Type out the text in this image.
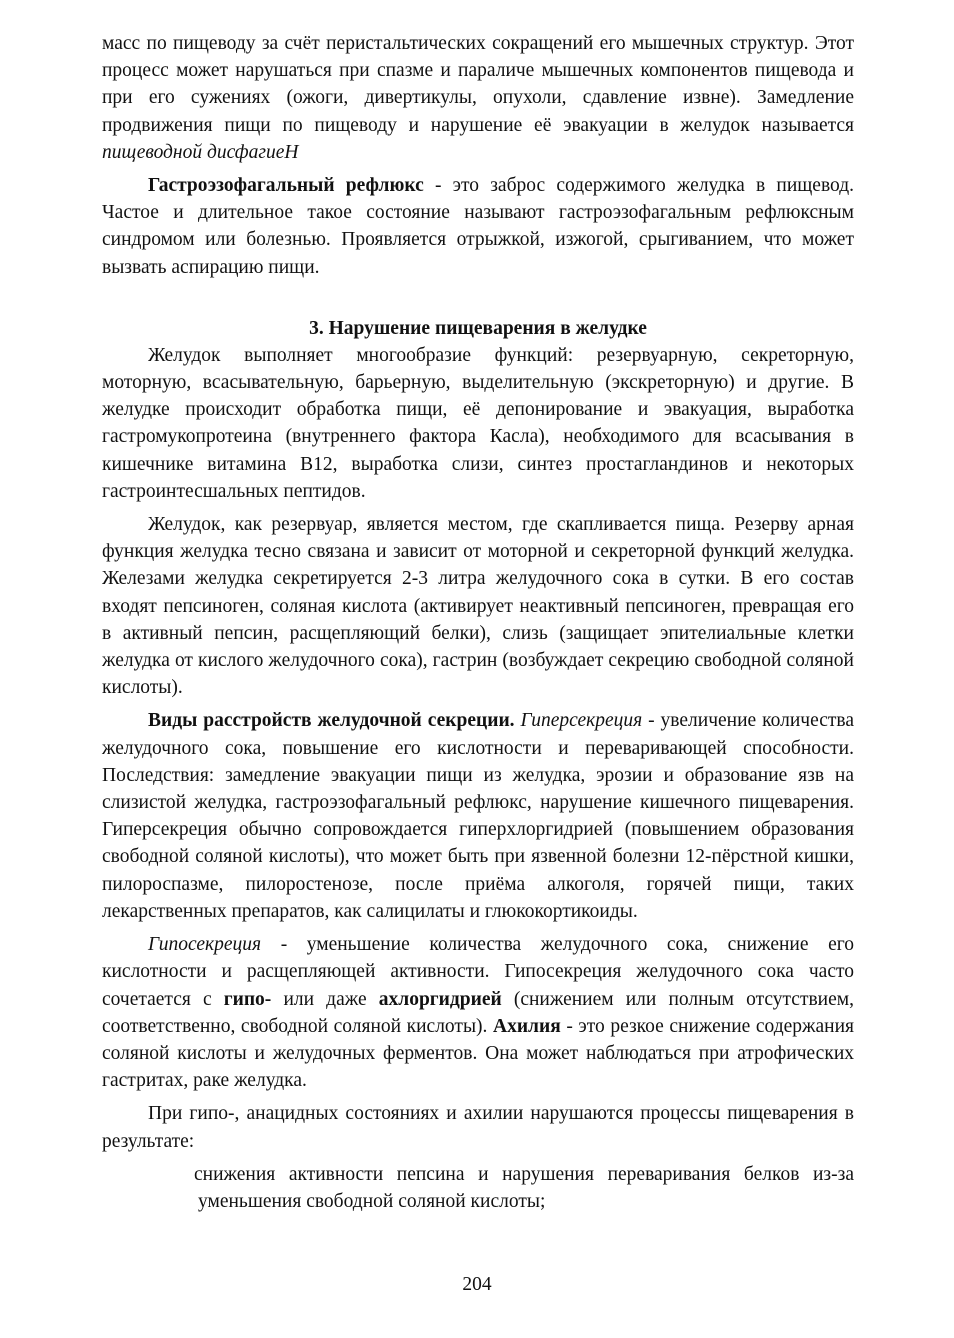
масс по пищеводу за счёт перистальтических сокращений его мышечных структур. Этот процесс может нарушаться при спазме и параличе мышечных компонентов пищевода и при его сужениях (ожоги, дивертикулы, опухоли, сдавление извне). Замедление продвижения пищи по пищеводу и нарушение её эвакуации в желудок называется пищеводной дисфагиеН

Гастроэзофагальный рефлюкс - это заброс содержимого желудка в пищевод. Частое и длительное такое состояние называют гастроэзофагальным рефлюксным синдромом или болезнью. Проявляется отрыжкой, изжогой, срыгиванием, что может вызвать аспирацию пищи.

3. Нарушение пищеварения в желудке

Желудок выполняет многообразие функций: резервуарную, секреторную, моторную, всасывательную, барьерную, выделительную (экскреторную) и другие. В желудке происходит обработка пищи, её депонирование и эвакуация, выработка гастромукопротеина (внутреннего фактора Касла), необходимого для всасывания в кишечнике витамина В12, выработка слизи, синтез простагландинов и некоторых гастроинтесшальных пептидов.

Желудок, как резервуар, является местом, где скапливается пища. Резерву арная функция желудка тесно связана и зависит от моторной и секреторной функций желудка. Железами желудка секретируется 2-3 литра желудочного сока в сутки. В его состав входят пепсиноген, соляная кислота (активирует неактивный пепсиноген, превращая его в активный пепсин, расщепляющий белки), слизь (защищает эпителиальные клетки желудка от кислого желудочного сока), гастрин (возбуждает секрецию свободной соляной кислоты).

Виды расстройств желудочной секреции. Гиперсекреция - увеличение количества желудочного сока, повышение его кислотности и переваривающей способности. Последствия: замедление эвакуации пищи из желудка, эрозии и образование язв на слизистой желудка, гастроэзофагальный рефлюкс, нарушение кишечного пищеварения. Гиперсекреция обычно сопровождается гиперхлоргидрией (повышением образования свободной соляной кислоты), что может быть при язвенной болезни 12-пёрстной кишки, пилороспазме, пилоростенозе, после приёма алкоголя, горячей пищи, таких лекарственных препаратов, как салицилаты и глюкокортикоиды.

Гипосекреция - уменьшение количества желудочного сока, снижение его кислотности и расщепляющей активности. Гипосекреция желудочного сока часто сочетается с гипо- или даже ахлоргидрией (снижением или полным отсутствием, соответственно, свободной соляной кислоты). Ахилия - это резкое снижение содержания соляной кислоты и желудочных ферментов. Она может наблюдаться при атрофических гастритах, раке желудка.

При гипо-, анацидных состояниях и ахилии нарушаются процессы пищеварения в результате:

снижения активности пепсина и нарушения переваривания белков из-за уменьшения свободной соляной кислоты;

204
